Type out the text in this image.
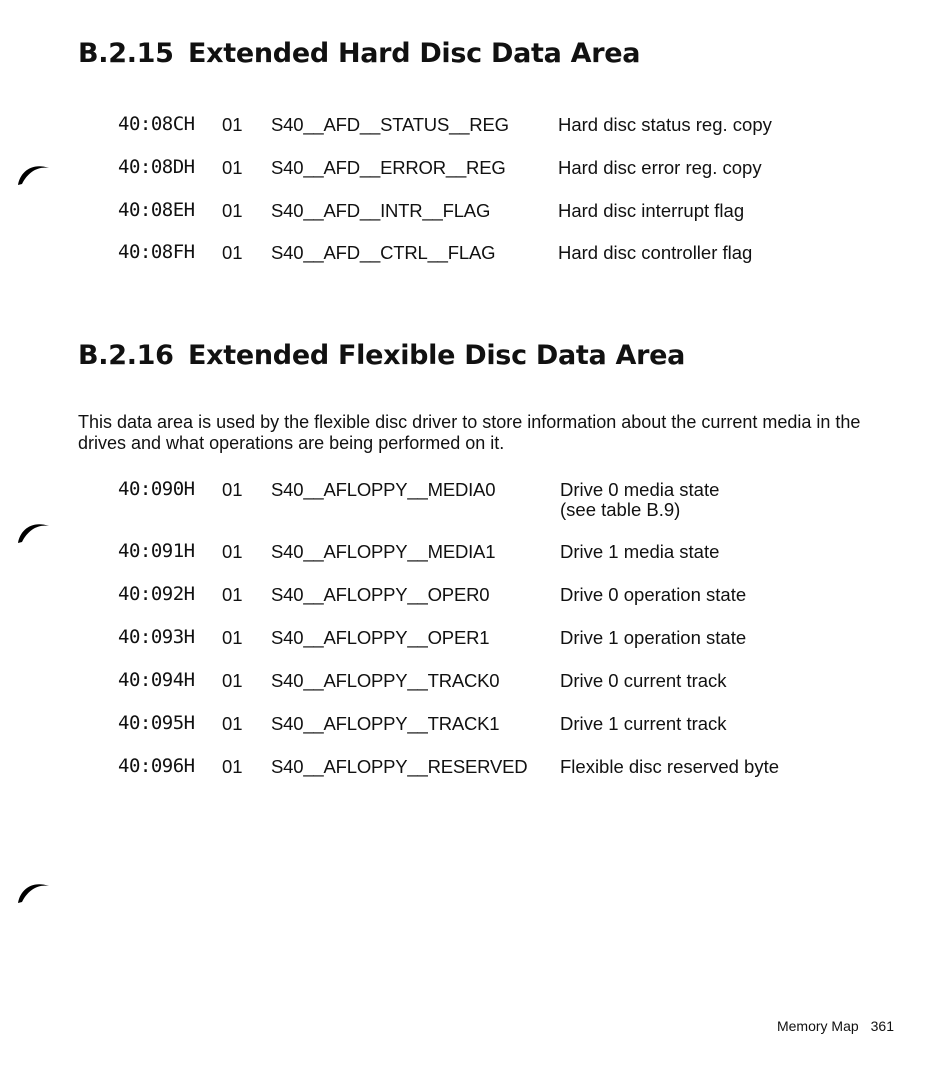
B.2.15 Extended Hard Disc Data Area
40:08CH 01 S40__AFD__STATUS__REG	Hard disc status reg. copy
40:08DH 01 S40__AFD__ERROR__REG	Hard disc error reg. copy
40:08EH 01 S40__AFD__INTR__FLAG	Hard disc interrupt flag
40:08FH 01 S40__AFD__CTRL__FLAG	Hard disc controller flag
B.2.16 Extended Flexible Disc Data Area

This data area is used by the flexible disc driver to store information about the current media in the drives and what operations are being performed on it.

40:090H 01 S40__AFLOPPY__MEDIA0	Drive 0 media state
(see table B.9)
40:091H 01 S40__AFLOPPY__MEDIA1	Drive 1 media state
40:092H 01 S40__AFLOPPY__OPER0	Drive 0 operation state
40:093H 01 S40__AFLOPPY__OPER1	Drive 1 operation state
40:094H 01 S40__AFLOPPY__TRACK0	Drive 0 current track
40:095H 01 S40__AFLOPPY__TRACK1	Drive 1 current track
40:096H 01 S40__AFLOPPY__RESERVED Flexible disc reserved byte
Memory Map 361
